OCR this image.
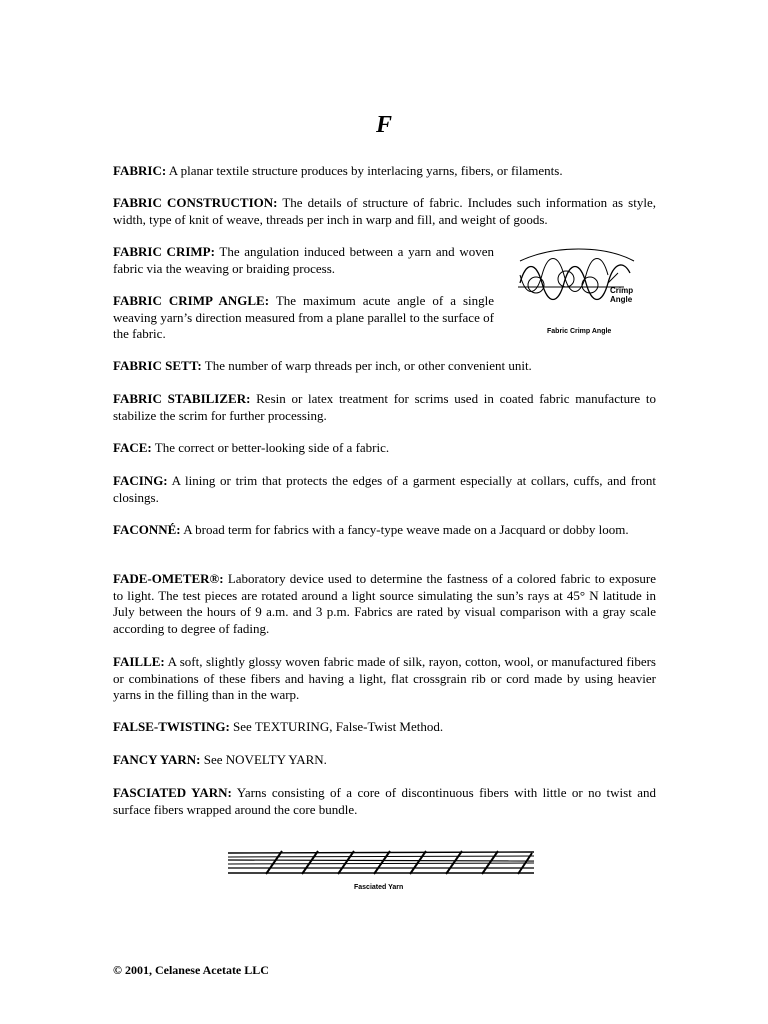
F

FABRIC: A planar textile structure produces by interlacing yarns, fibers, or filaments.

FABRIC CONSTRUCTION: The details of structure of fabric. Includes such information as style, width, type of knit of weave, threads per inch in warp and fill, and weight of goods.

FABRIC CRIMP: The angulation induced between a yarn and woven fabric via the weaving or braiding process.

FABRIC CRIMP ANGLE: The maximum acute angle of a single weaving yarn’s direction measured from a plane parallel to the surface of the fabric.

Crimp
Angle
Fabric Crimp Angle

FABRIC SETT: The number of warp threads per inch, or other convenient unit.

FABRIC STABILIZER: Resin or latex treatment for scrims used in coated fabric manufacture to stabilize the scrim for further processing.

FACE: The correct or better-looking side of a fabric.

FACING: A lining or trim that protects the edges of a garment especially at collars, cuffs, and front closings.

FACONNÉ: A broad term for fabrics with a fancy-type weave made on a Jacquard or dobby loom.

FADE-OMETER®: Laboratory device used to determine the fastness of a colored fabric to exposure to light. The test pieces are rotated around a light source simulating the sun’s rays at 45° N latitude in July between the hours of 9 a.m. and 3 p.m. Fabrics are rated by visual comparison with a gray scale according to degree of fading.

FAILLE: A soft, slightly glossy woven fabric made of silk, rayon, cotton, wool, or manufactured fibers or combinations of these fibers and having a light, flat crossgrain rib or cord made by using heavier yarns in the filling than in the warp.

FALSE-TWISTING: See TEXTURING, False-Twist Method.

FANCY YARN: See NOVELTY YARN.

FASCIATED YARN: Yarns consisting of a core of discontinuous fibers with little or no twist and surface fibers wrapped around the core bundle.

Fasciated Yarn
© 2001, Celanese Acetate LLC
